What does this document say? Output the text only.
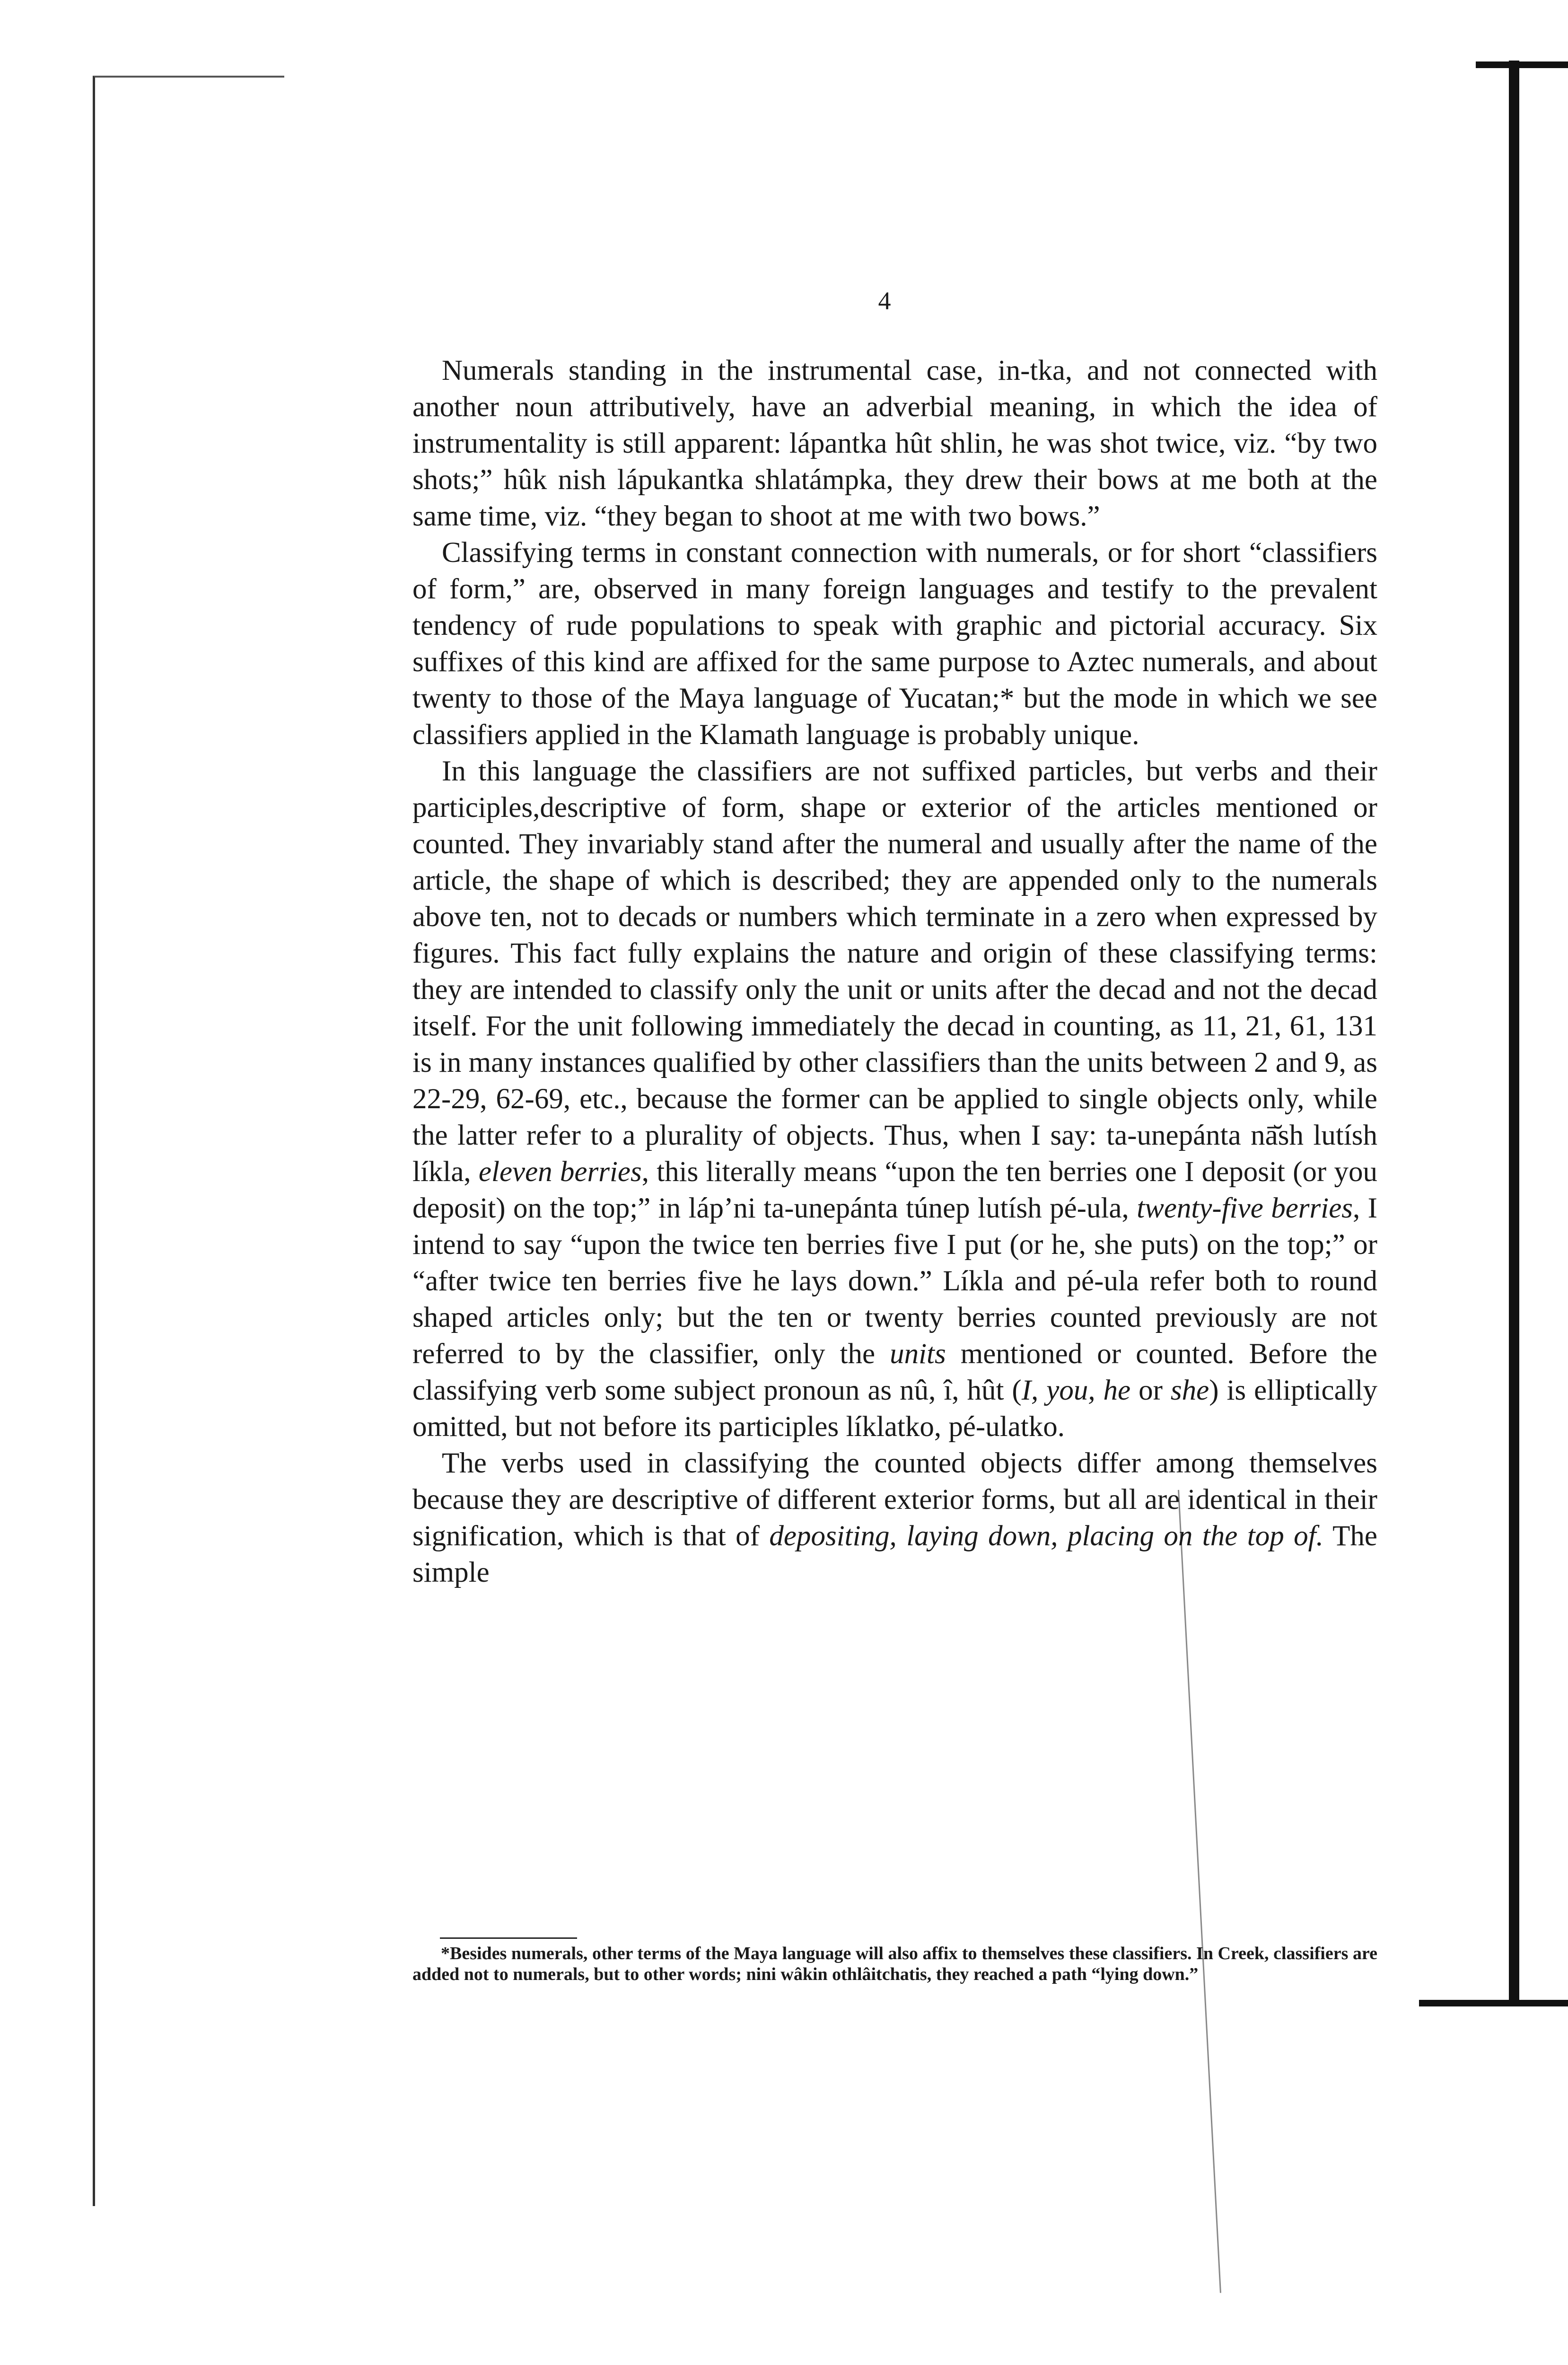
4

Numerals standing in the instrumental case, in-tka, and not connected with another noun attributively, have an adverbial meaning, in which the idea of instrumentality is still apparent: lápantka hût shlin, he was shot twice, viz. “by two shots;” hûk nish lápukantka shlatámpka, they drew their bows at me both at the same time, viz. “they began to shoot at me with two bows.”

Classifying terms in constant connection with numerals, or for short “classifiers of form,” are, observed in many foreign languages and testify to the prevalent tendency of rude populations to speak with graphic and pictorial accuracy. Six suffixes of this kind are affixed for the same purpose to Aztec numerals, and about twenty to those of the Maya language of Yucatan;* but the mode in which we see classifiers applied in the Klamath language is probably unique.

In this language the classifiers are not suffixed particles, but verbs and their participles,descriptive of form, shape or exterior of the articles mentioned or counted. They invariably stand after the numeral and usually after the name of the article, the shape of which is described; they are appended only to the numerals above ten, not to decads or numbers which terminate in a zero when expressed by figures. This fact fully explains the nature and origin of these classifying terms: they are intended to classify only the unit or units after the decad and not the decad itself. For the unit following immediately the decad in counting, as 11, 21, 61, 131 is in many instances qualified by other classifiers than the units between 2 and 9, as 22-29, 62-69, etc., because the former can be applied to single objects only, while the latter refer to a plurality of objects. Thus, when I say: ta-unepánta nā̆sh lutísh líkla, eleven berries, this literally means “upon the ten berries one I deposit (or you deposit) on the top;” in láp’ni ta-unepánta túnep lutísh pé-ula, twenty-five berries, I intend to say “upon the twice ten berries five I put (or he, she puts) on the top;” or “after twice ten berries five he lays down.” Líkla and pé-ula refer both to round shaped articles only; but the ten or twenty berries counted previously are not referred to by the classifier, only the units mentioned or counted. Before the classifying verb some subject pronoun as nû, î, hût (I, you, he or she) is elliptically omitted, but not before its participles líklatko, pé-ulatko.

The verbs used in classifying the counted objects differ among themselves because they are descriptive of different exterior forms, but all are identical in their signification, which is that of depositing, laying down, placing on the top of. The simple

*Besides numerals, other terms of the Maya language will also affix to themselves these classifiers. In Creek, classifiers are added not to numerals, but to other words; nini wâkin othlâitchatis, they reached a path “lying down.”
